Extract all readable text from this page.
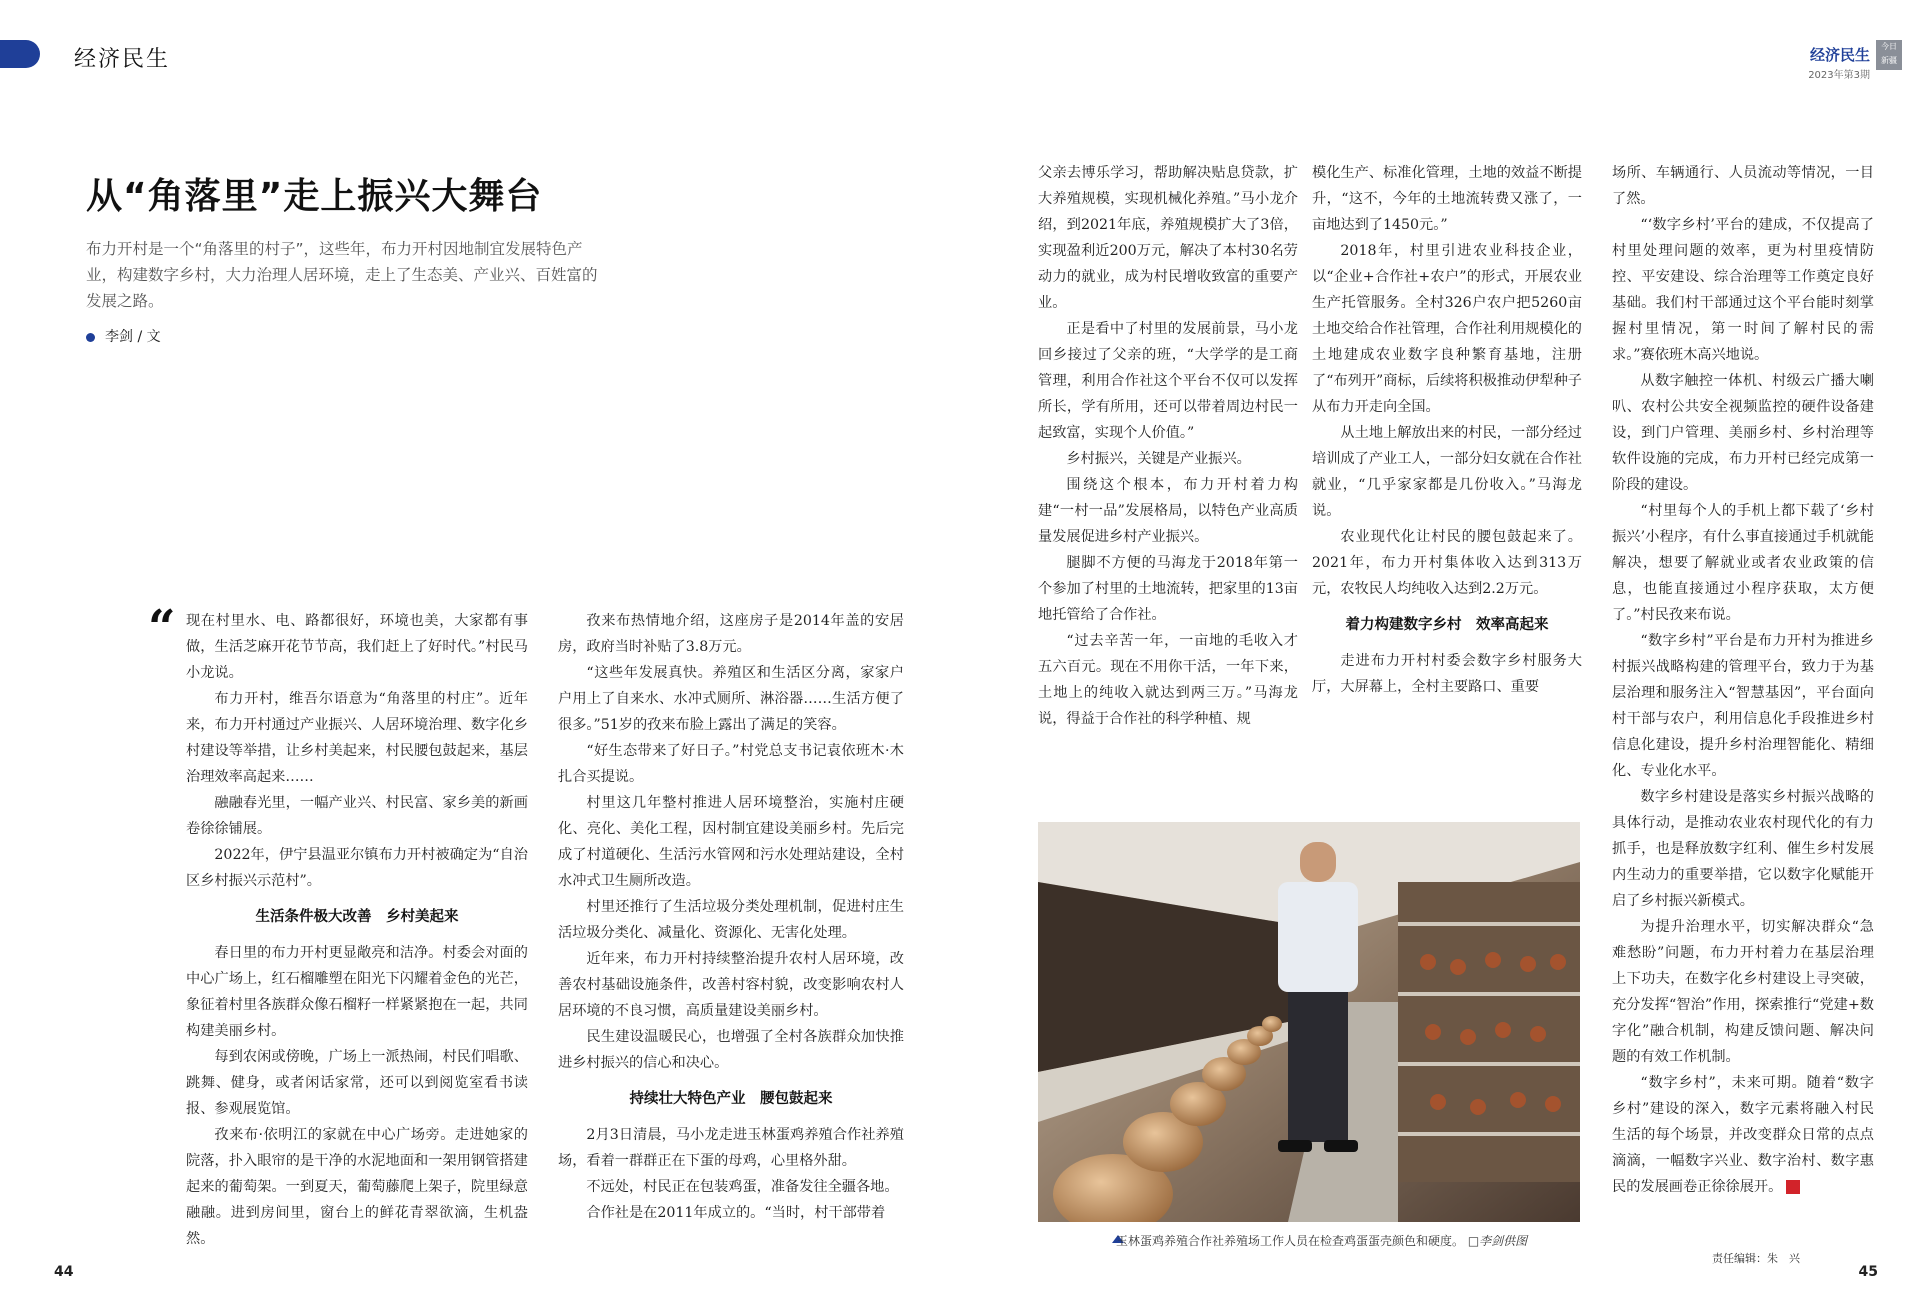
经济民生	经济民生
2023年第3期
今日 新疆
从“角落里”走上振兴大舞台
布力开村是一个“角落里的村子”，这些年，布力开村因地制宜发展特色产业，构建数字乡村，大力治理人居环境，走上了生态美、产业兴、百姓富的发展之路。
李剑 / 文
“ 现在村里水、电、路都很好，环境也美，大家都有事做，生活芝麻开花节节高，我们赶上了好时代。”村民马小龙说。

布力开村，维吾尔语意为“角落里的村庄”。近年来，布力开村通过产业振兴、人居环境治理、数字化乡村建设等举措，让乡村美起来，村民腰包鼓起来，基层治理效率高起来……

融融春光里，一幅产业兴、村民富、家乡美的新画卷徐徐铺展。

2022年，伊宁县温亚尔镇布力开村被确定为“自治区乡村振兴示范村”。

生活条件极大改善　乡村美起来

春日里的布力开村更显敞亮和洁净。村委会对面的中心广场上，红石榴雕塑在阳光下闪耀着金色的光芒，象征着村里各族群众像石榴籽一样紧紧抱在一起，共同构建美丽乡村。

每到农闲或傍晚，广场上一派热闹，村民们唱歌、跳舞、健身，或者闲话家常，还可以到阅览室看书读报、参观展览馆。

孜来布·依明江的家就在中心广场旁。走进她家的院落，扑入眼帘的是干净的水泥地面和一架用钢管搭建起来的葡萄架。一到夏天，葡萄藤爬上架子，院里绿意融融。进到房间里，窗台上的鲜花青翠欲滴，生机盎然。

孜来布热情地介绍，这座房子是2014年盖的安居房，政府当时补贴了3.8万元。

“这些年发展真快。养殖区和生活区分离，家家户户用上了自来水、水冲式厕所、淋浴器……生活方便了很多。”51岁的孜来布脸上露出了满足的笑容。

“好生态带来了好日子。”村党总支书记袁依班木·木扎合买提说。

村里这几年整村推进人居环境整治，实施村庄硬化、亮化、美化工程，因村制宜建设美丽乡村。先后完成了村道硬化、生活污水管网和污水处理站建设，全村水冲式卫生厕所改造。

村里还推行了生活垃圾分类处理机制，促进村庄生活垃圾分类化、减量化、资源化、无害化处理。

近年来，布力开村持续整治提升农村人居环境，改善农村基础设施条件，改善村容村貌，改变影响农村人居环境的不良习惯，高质量建设美丽乡村。

民生建设温暖民心，也增强了全村各族群众加快推进乡村振兴的信心和决心。

持续壮大特色产业　腰包鼓起来

2月3日清晨，马小龙走进玉林蛋鸡养殖合作社养殖场，看着一群群正在下蛋的母鸡，心里格外甜。

不远处，村民正在包装鸡蛋，准备发往全疆各地。

合作社是在2011年成立的。“当时，村干部带着

父亲去博乐学习，帮助解决贴息贷款，扩大养殖规模，实现机械化养殖。”马小龙介绍，到2021年底，养殖规模扩大了3倍，实现盈利近200万元，解决了本村30名劳动力的就业，成为村民增收致富的重要产业。

正是看中了村里的发展前景，马小龙回乡接过了父亲的班，“大学学的是工商管理，利用合作社这个平台不仅可以发挥所长，学有所用，还可以带着周边村民一起致富，实现个人价值。”

乡村振兴，关键是产业振兴。

围绕这个根本，布力开村着力构建“一村一品”发展格局，以特色产业高质量发展促进乡村产业振兴。

腿脚不方便的马海龙于2018年第一个参加了村里的土地流转，把家里的13亩地托管给了合作社。

“过去辛苦一年，一亩地的毛收入才五六百元。现在不用你干活，一年下来，土地上的纯收入就达到两三万。”马海龙说，得益于合作社的科学种植、规

模化生产、标准化管理，土地的效益不断提升，“这不，今年的土地流转费又涨了，一亩地达到了1450元。”

2018年，村里引进农业科技企业，以“企业+合作社+农户”的形式，开展农业生产托管服务。全村326户农户把5260亩土地交给合作社管理，合作社利用规模化的土地建成农业数字良种繁育基地，注册了“布列开”商标，后续将积极推动伊犁种子从布力开走向全国。

从土地上解放出来的村民，一部分经过培训成了产业工人，一部分妇女就在合作社就业，“几乎家家都是几份收入。”马海龙说。

农业现代化让村民的腰包鼓起来了。2021年，布力开村集体收入达到313万元，农牧民人均纯收入达到2.2万元。

着力构建数字乡村　效率高起来

走进布力开村村委会数字乡村服务大厅，大屏幕上，全村主要路口、重要

场所、车辆通行、人员流动等情况，一目了然。

“‘数字乡村’平台的建成，不仅提高了村里处理问题的效率，更为村里疫情防控、平安建设、综合治理等工作奠定良好基础。我们村干部通过这个平台能时刻掌握村里情况，第一时间了解村民的需求。”赛依班木高兴地说。

从数字触控一体机、村级云广播大喇叭、农村公共安全视频监控的硬件设备建设，到门户管理、美丽乡村、乡村治理等软件设施的完成，布力开村已经完成第一阶段的建设。

“村里每个人的手机上都下载了‘乡村振兴’小程序，有什么事直接通过手机就能解决，想要了解就业或者农业政策的信息，也能直接通过小程序获取，太方便了。”村民孜来布说。

“数字乡村”平台是布力开村为推进乡村振兴战略构建的管理平台，致力于为基层治理和服务注入“智慧基因”，平台面向村干部与农户，利用信息化手段推进乡村信息化建设，提升乡村治理智能化、精细化、专业化水平。

数字乡村建设是落实乡村振兴战略的具体行动，是推动农业农村现代化的有力抓手，也是释放数字红利、催生乡村发展内生动力的重要举措，它以数字化赋能开启了乡村振兴新模式。

为提升治理水平，切实解决群众“急难愁盼”问题，布力开村着力在基层治理上下功夫，在数字化乡村建设上寻突破，充分发挥“智治”作用，探索推行“党建+数字化”融合机制，构建反馈问题、解决问题的有效工作机制。

“数字乡村”，未来可期。随着“数字乡村”建设的深入，数字元素将融入村民生活的每个场景，并改变群众日常的点点滴滴，一幅数字兴业、数字治村、数字惠民的发展画卷正徐徐展开。

玉林蛋鸡养殖合作社养殖场工作人员在检查鸡蛋蛋壳颜色和硬度。 □李剑供图
44
责任编辑：朱　兴
45
